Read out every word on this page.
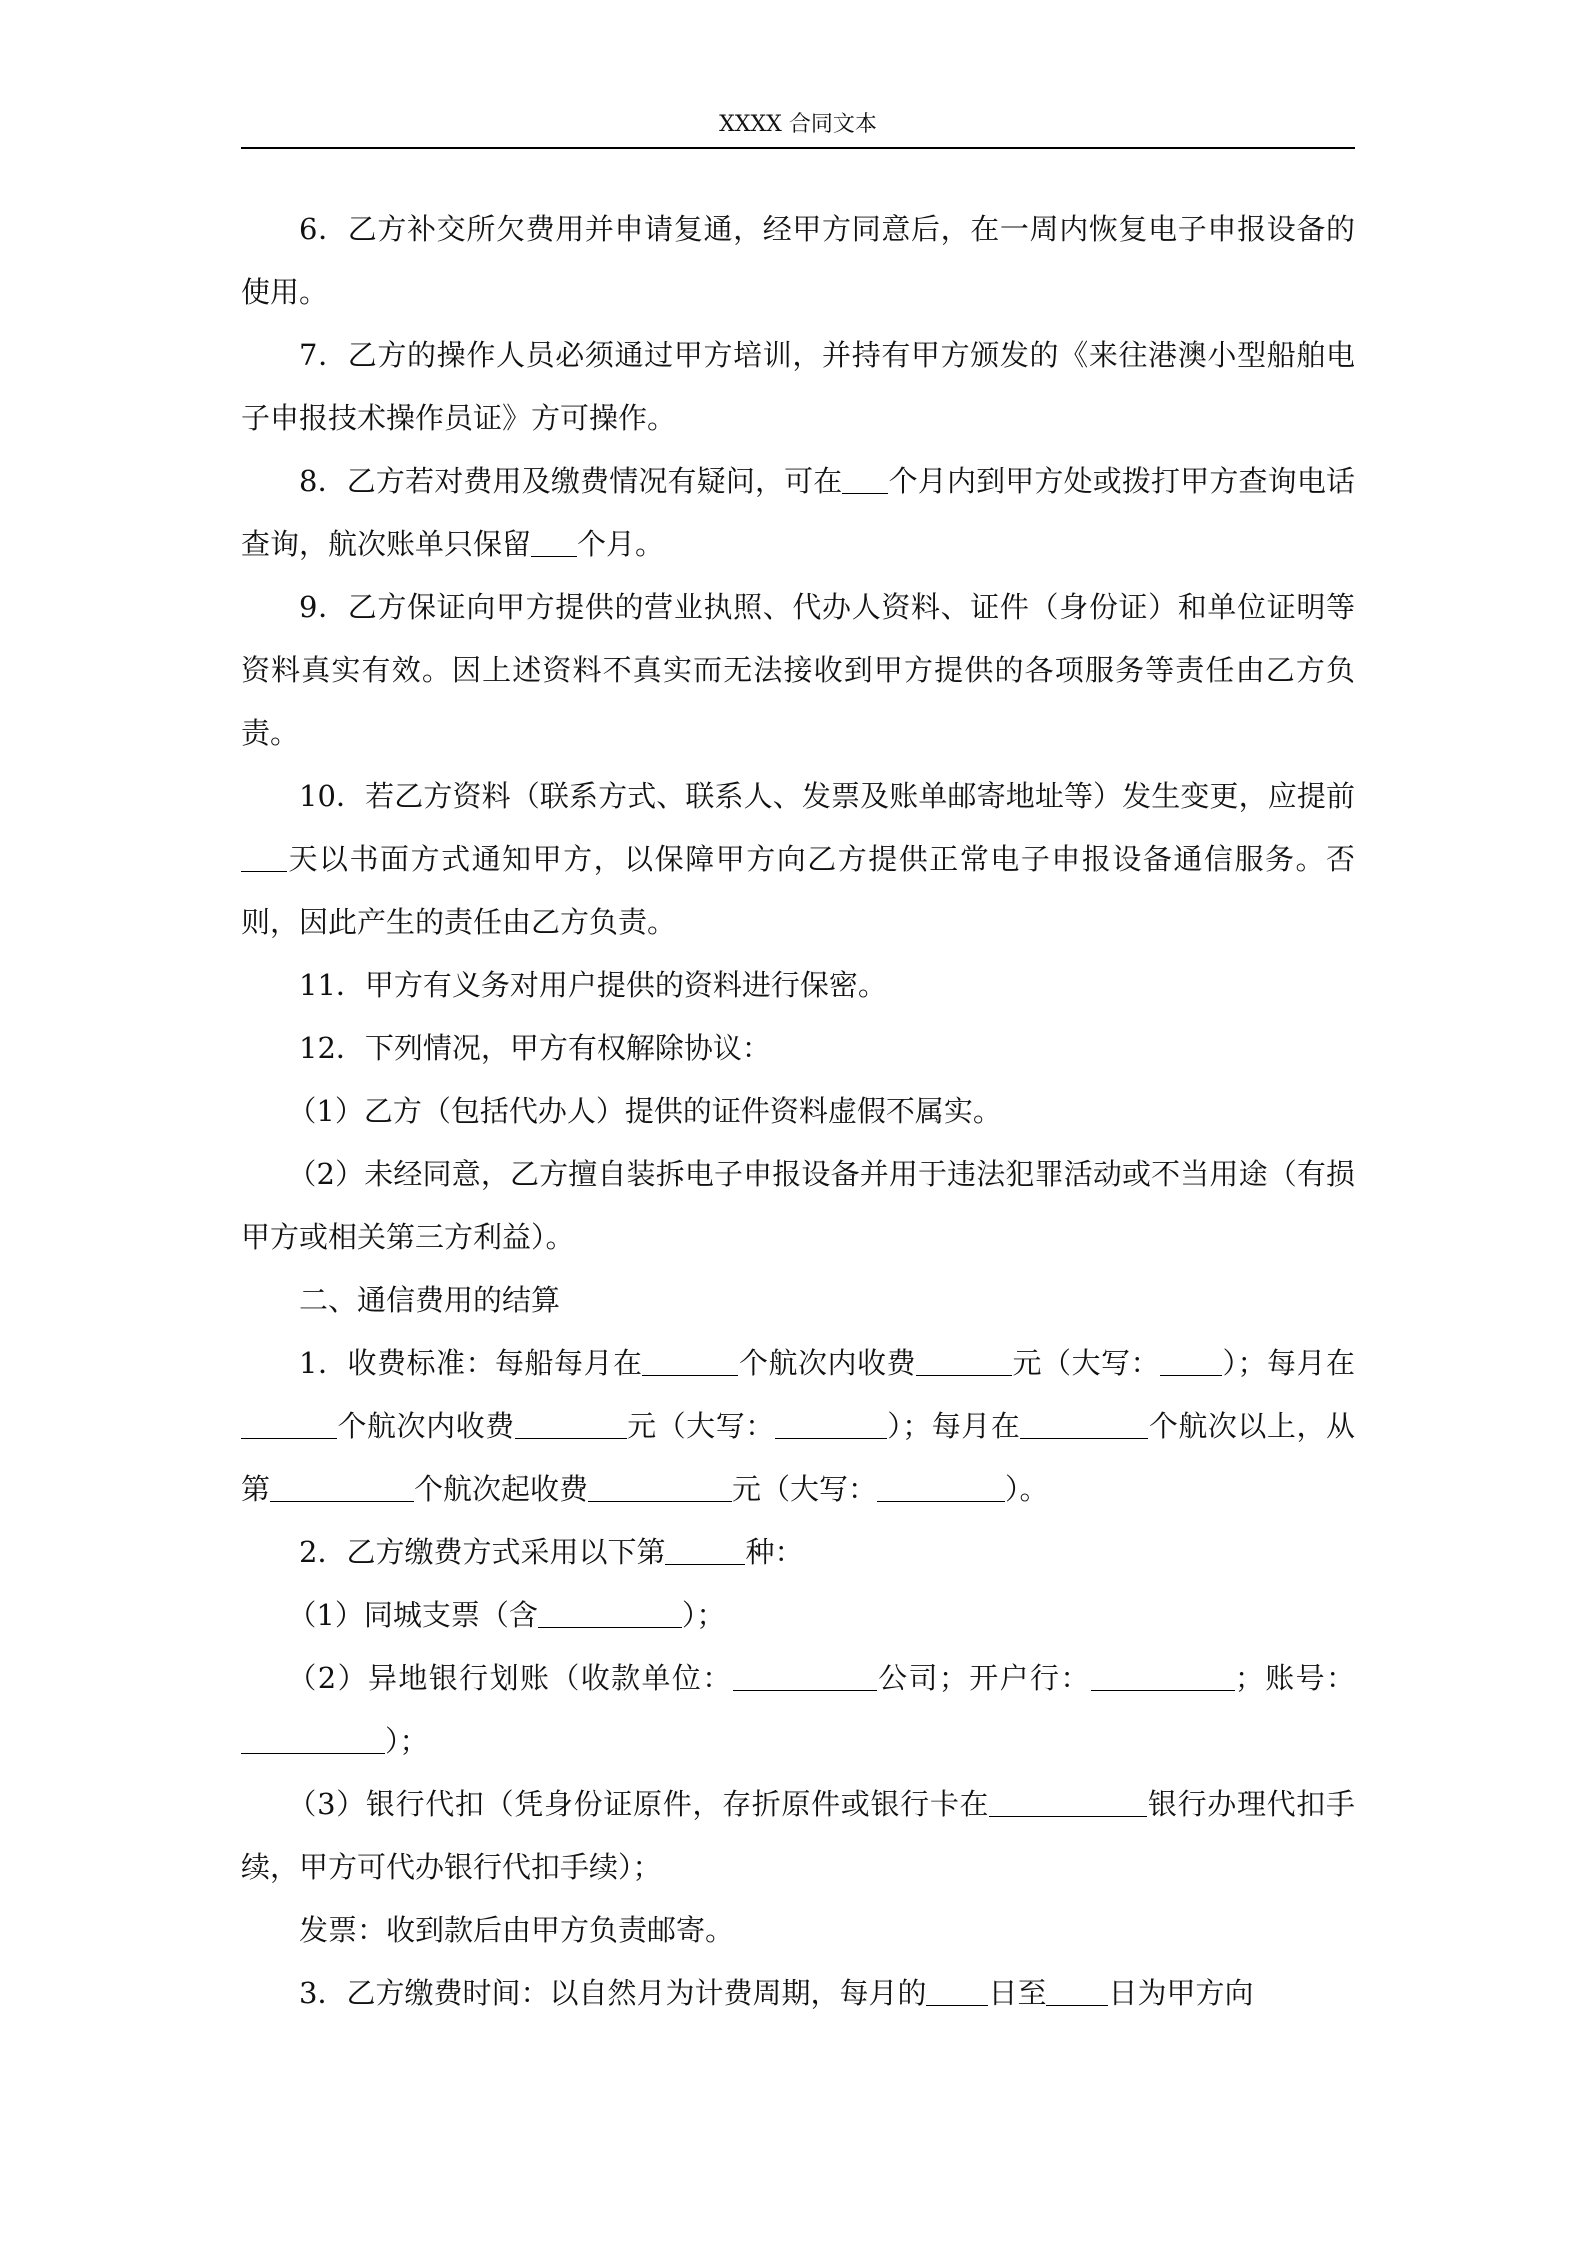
XXXX 合同文本

6．乙方补交所欠费用并申请复通，经甲方同意后，在一周内恢复电子申报设备的使用。

7．乙方的操作人员必须通过甲方培训，并持有甲方颁发的《来往港澳小型船舶电子申报技术操作员证》方可操作。

8．乙方若对费用及缴费情况有疑问，可在 个月内到甲方处或拨打甲方查询电话查询，航次账单只保留 个月。

9．乙方保证向甲方提供的营业执照、代办人资料、证件（身份证）和单位证明等资料真实有效。因上述资料不真实而无法接收到甲方提供的各项服务等责任由乙方负责。

10．若乙方资料（联系方式、联系人、发票及账单邮寄地址等）发生变更，应提前天以书面方式通知甲方，以保障甲方向乙方提供正常电子申报设备通信服务。否则，因此产生的责任由乙方负责。

11．甲方有义务对用户提供的资料进行保密。

12．下列情况，甲方有权解除协议：

（1）乙方（包括代办人）提供的证件资料虚假不属实。

（2）未经同意，乙方擅自装拆电子申报设备并用于违法犯罪活动或不当用途（有损甲方或相关第三方利益）。

二、通信费用的结算

1．收费标准：每船每月在	个航次内收费	元（大写： ）；每月在个航次内收费	元（大写：	）；每月在	个航次以上，从第	个航次起收费	元（大写：	）。

2．乙方缴费方式采用以下第	种：

（1）同城支票（含	）；

（2）异地银行划账（收款单位：	公司；开户行：	；账号：）；

（3）银行代扣（凭身份证原件，存折原件或银行卡在	银行办理代扣手续，甲方可代办银行代扣手续）；

发票：收到款后由甲方负责邮寄。

3．乙方缴费时间：以自然月为计费周期，每月的 日至 日为甲方向
